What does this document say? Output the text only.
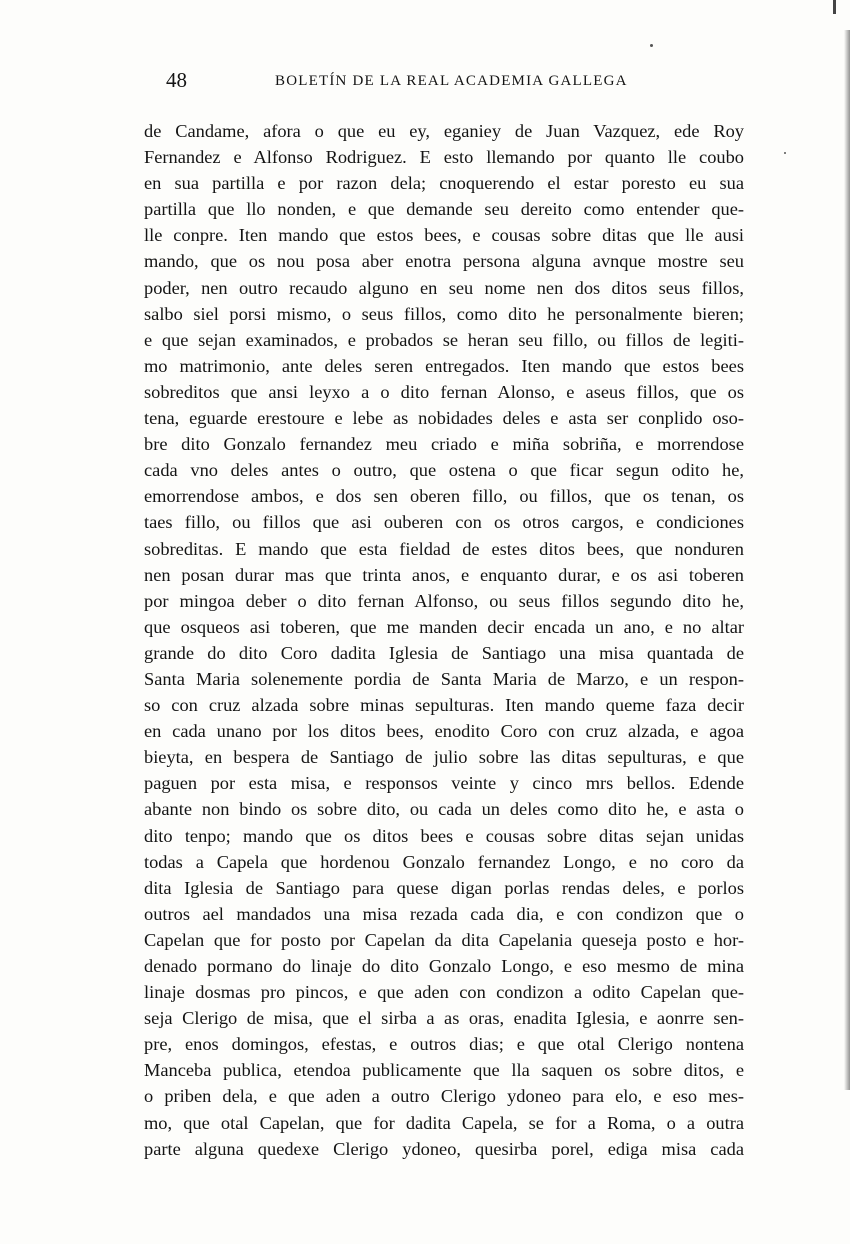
48	BOLETÍN DE LA REAL ACADEMIA GALLEGA
de Candame, afora o que eu ey, eganiey de Juan Vazquez, ede Roy
Fernandez e Alfonso Rodriguez. E esto llemando por quanto lle coubo
en sua partilla e por razon dela; cnoquerendo el estar poresto eu sua
partilla que llo nonden, e que demande seu dereito como entender que-
lle conpre. Iten mando que estos bees, e cousas sobre ditas que lle ausi
mando, que os nou posa aber enotra persona alguna avnque mostre seu
poder, nen outro recaudo alguno en seu nome nen dos ditos seus fillos,
salbo siel porsi mismo, o seus fillos, como dito he personalmente bieren;
e que sejan examinados, e probados se heran seu fillo, ou fillos de legiti-
mo matrimonio, ante deles seren entregados. Iten mando que estos bees
sobreditos que ansi leyxo a o dito fernan Alonso, e aseus fillos, que os
tena, eguarde erestoure e lebe as nobidades deles e asta ser conplido oso-
bre dito Gonzalo fernandez meu criado e miña sobriña, e morrendose
cada vno deles antes o outro, que ostena o que ficar segun odito he,
emorrendose ambos, e dos sen oberen fillo, ou fillos, que os tenan, os
taes fillo, ou fillos que asi ouberen con os otros cargos, e condiciones
sobreditas. E mando que esta fieldad de estes ditos bees, que nonduren
nen posan durar mas que trinta anos, e enquanto durar, e os asi toberen
por mingoa deber o dito fernan Alfonso, ou seus fillos segundo dito he,
que osqueos asi toberen, que me manden decir encada un ano, e no altar
grande do dito Coro dadita Iglesia de Santiago una misa quantada de
Santa Maria solenemente pordia de Santa Maria de Marzo, e un respon-
so con cruz alzada sobre minas sepulturas. Iten mando queme faza decir
en cada unano por los ditos bees, enodito Coro con cruz alzada, e agoa
bieyta, en bespera de Santiago de julio sobre las ditas sepulturas, e que
paguen por esta misa, e responsos veinte y cinco mrs bellos. Edende
abante non bindo os sobre dito, ou cada un deles como dito he, e asta o
dito tenpo; mando que os ditos bees e cousas sobre ditas sejan unidas
todas a Capela que hordenou Gonzalo fernandez Longo, e no coro da
dita Iglesia de Santiago para quese digan porlas rendas deles, e porlos
outros ael mandados una misa rezada cada dia, e con condizon que o
Capelan que for posto por Capelan da dita Capelania queseja posto e hor-
denado pormano do linaje do dito Gonzalo Longo, e eso mesmo de mina
linaje dosmas pro pincos, e que aden con condizon a odito Capelan que-
seja Clerigo de misa, que el sirba a as oras, enadita Iglesia, e aonrre sen-
pre, enos domingos, efestas, e outros dias; e que otal Clerigo nontena
Manceba publica, etendoa publicamente que lla saquen os sobre ditos, e
o priben dela, e que aden a outro Clerigo ydoneo para elo, e eso mes-
mo, que otal Capelan, que for dadita Capela, se for a Roma, o a outra
parte alguna quedexe Clerigo ydoneo, quesirba porel, ediga misa cada
